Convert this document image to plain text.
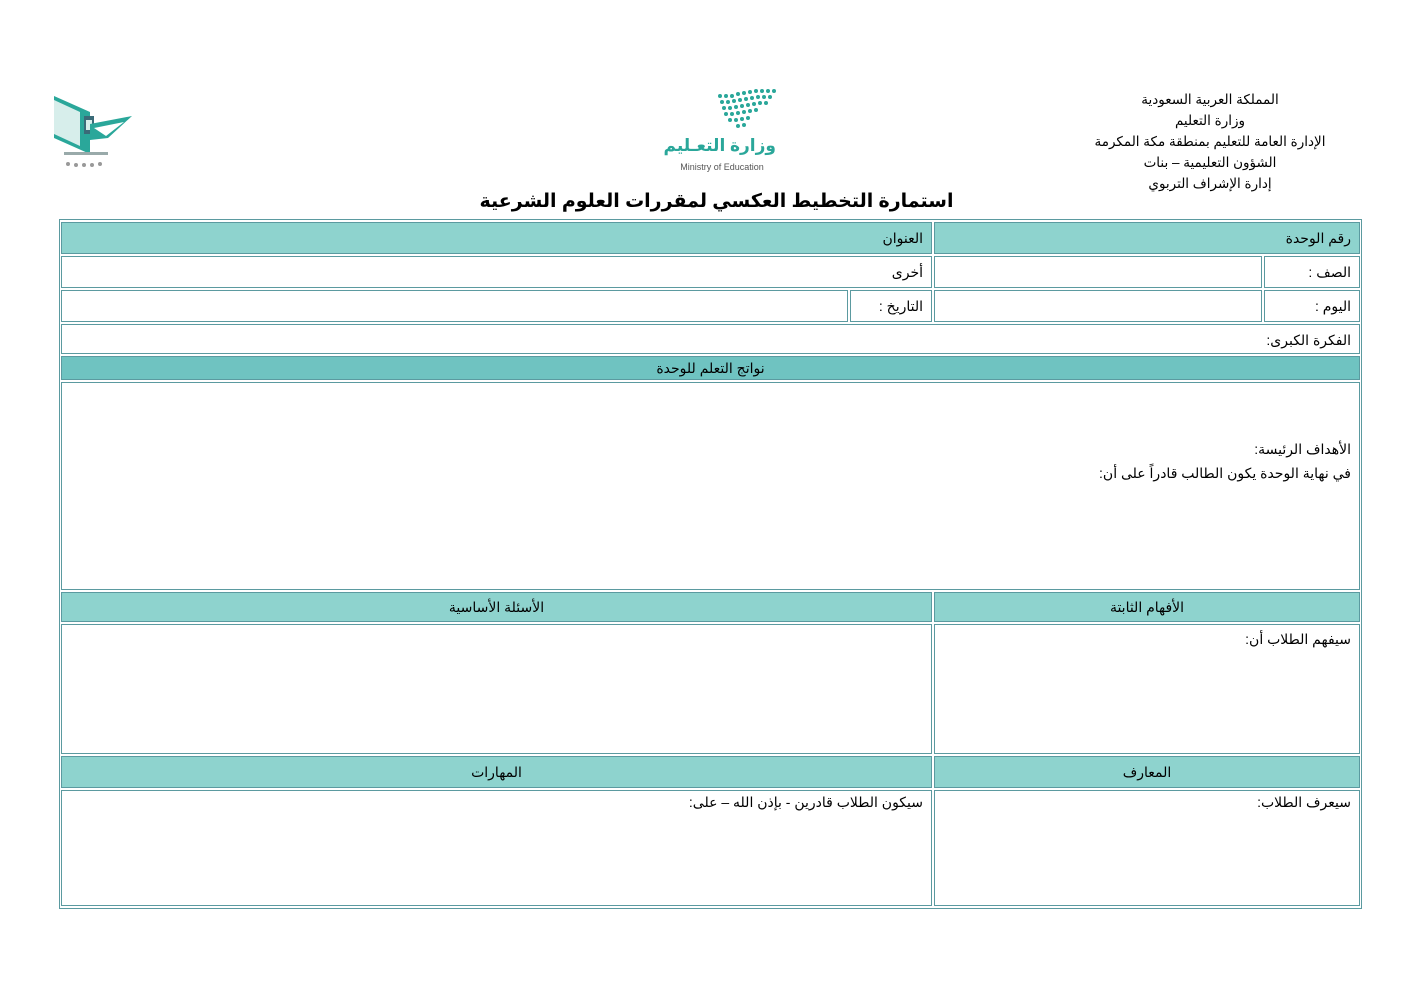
المملكة العربية السعودية
وزارة التعليم
الإدارة العامة للتعليم بمنطقة مكة المكرمة
الشؤون التعليمية – بنات
إدارة الإشراف التربوي
وزارة التعـليم
Ministry of Education
استمارة التخطيط العكسي لمقررات العلوم الشرعية
رقم الوحدة
العنوان
الصف :
أخرى
اليوم :
التاريخ :
الفكرة الكبرى:
نواتج التعلم للوحدة
الأهداف الرئيسة:
في نهاية الوحدة يكون الطالب قادراً على أن:
الأفهام الثابتة
الأسئلة الأساسية
سيفهم الطلاب أن:
المعارف
المهارات
سيعرف الطلاب:
سيكون الطلاب قادرين - بإذن الله – على:
